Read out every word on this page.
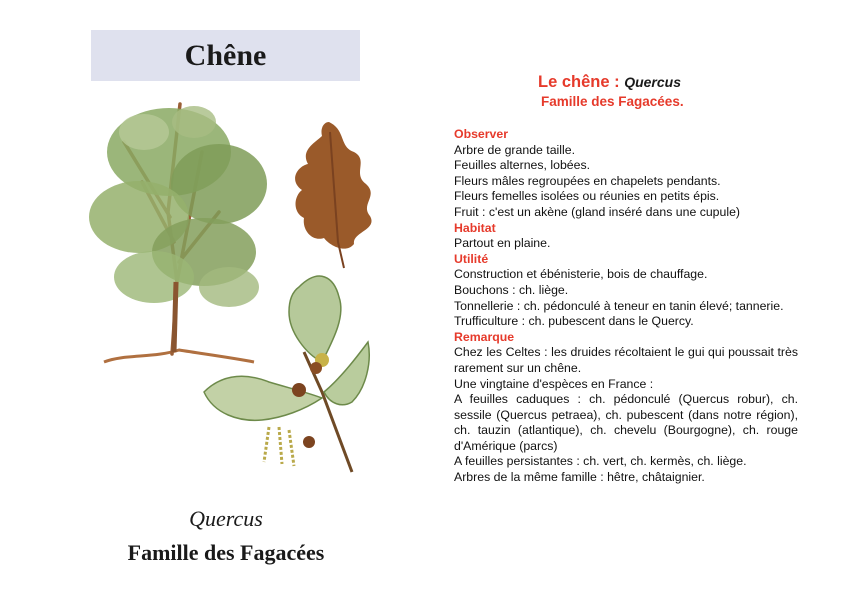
Chêne
Quercus
Famille des Fagacées
Le chêne : Quercus
Famille des Fagacées.

Observer

Arbre de grande taille.

Feuilles alternes, lobées.

Fleurs mâles regroupées en chapelets pendants.

Fleurs femelles isolées ou réunies en petits épis.

Fruit : c'est un akène (gland inséré dans une cupule)

Habitat

Partout en plaine.

Utilité

Construction et ébénisterie, bois de chauffage.

Bouchons : ch. liège.

Tonnellerie : ch. pédonculé à teneur en tanin élevé; tannerie.

Trufficulture : ch. pubescent dans le Quercy.

Remarque

Chez les Celtes : les druides récoltaient le gui qui poussait très rarement sur un chêne.

Une vingtaine d'espèces en France :

A feuilles caduques : ch. pédonculé (Quercus robur), ch. sessile (Quercus petraea), ch. pubescent (dans notre région), ch. tauzin (atlantique), ch. chevelu (Bourgogne), ch. rouge d'Amérique (parcs)

A feuilles persistantes : ch. vert, ch. kermès, ch. liège.

Arbres de la même famille : hêtre, châtaignier.
